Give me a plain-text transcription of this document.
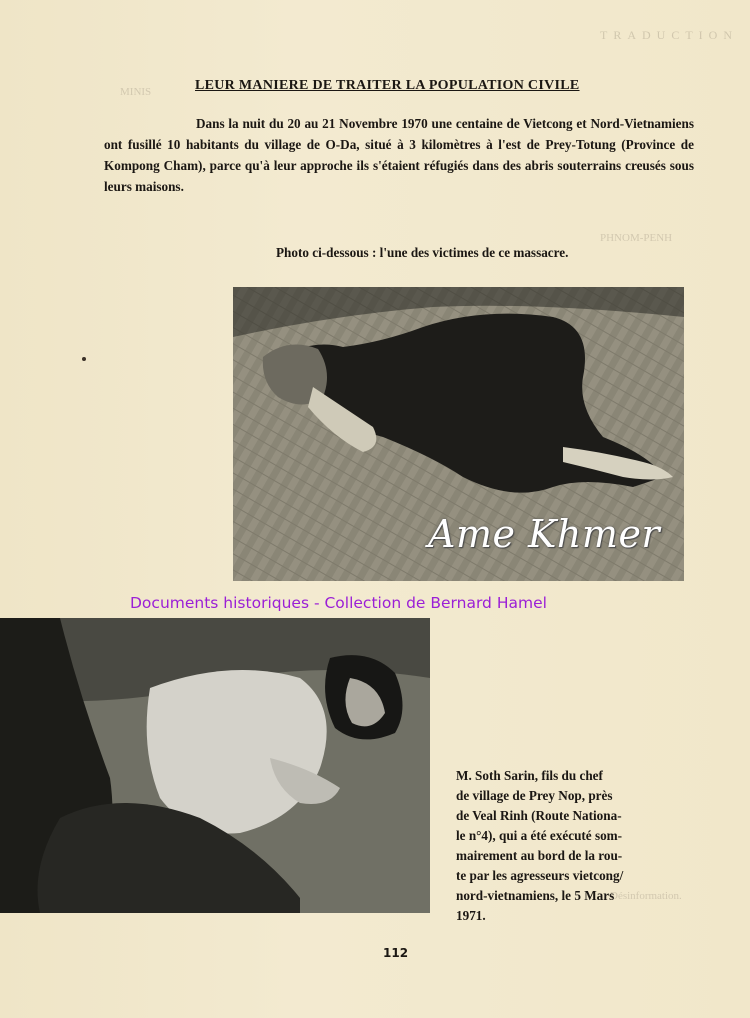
TRADUCTION
MINIS
PHNOM-PENH
Désinformation.
LEUR MANIERE DE TRAITER LA POPULATION CIVILE

Dans la nuit du 20 au 21 Novembre 1970 une centaine de Vietcong et Nord-Vietnamiens ont fusillé 10 habitants du village de O-Da, situé à 3 kilomètres à l'est de Prey-Totung (Province de Kompong Cham), parce qu'à leur approche ils s'étaient réfugiés dans des abris souterrains creusés sous leurs maisons.

Photo ci-dessous : l'une des victimes de ce massacre.
Ame Khmer
Documents historiques - Collection de Bernard Hamel

M. Soth Sarin, fils du chef
de village de Prey Nop, près
de Veal Rinh (Route Nationa-
le n°4), qui a été exécuté som-
mairement au bord de la rou-
te par les agresseurs vietcong/
nord-vietnamiens, le 5 Mars
1971.

112
